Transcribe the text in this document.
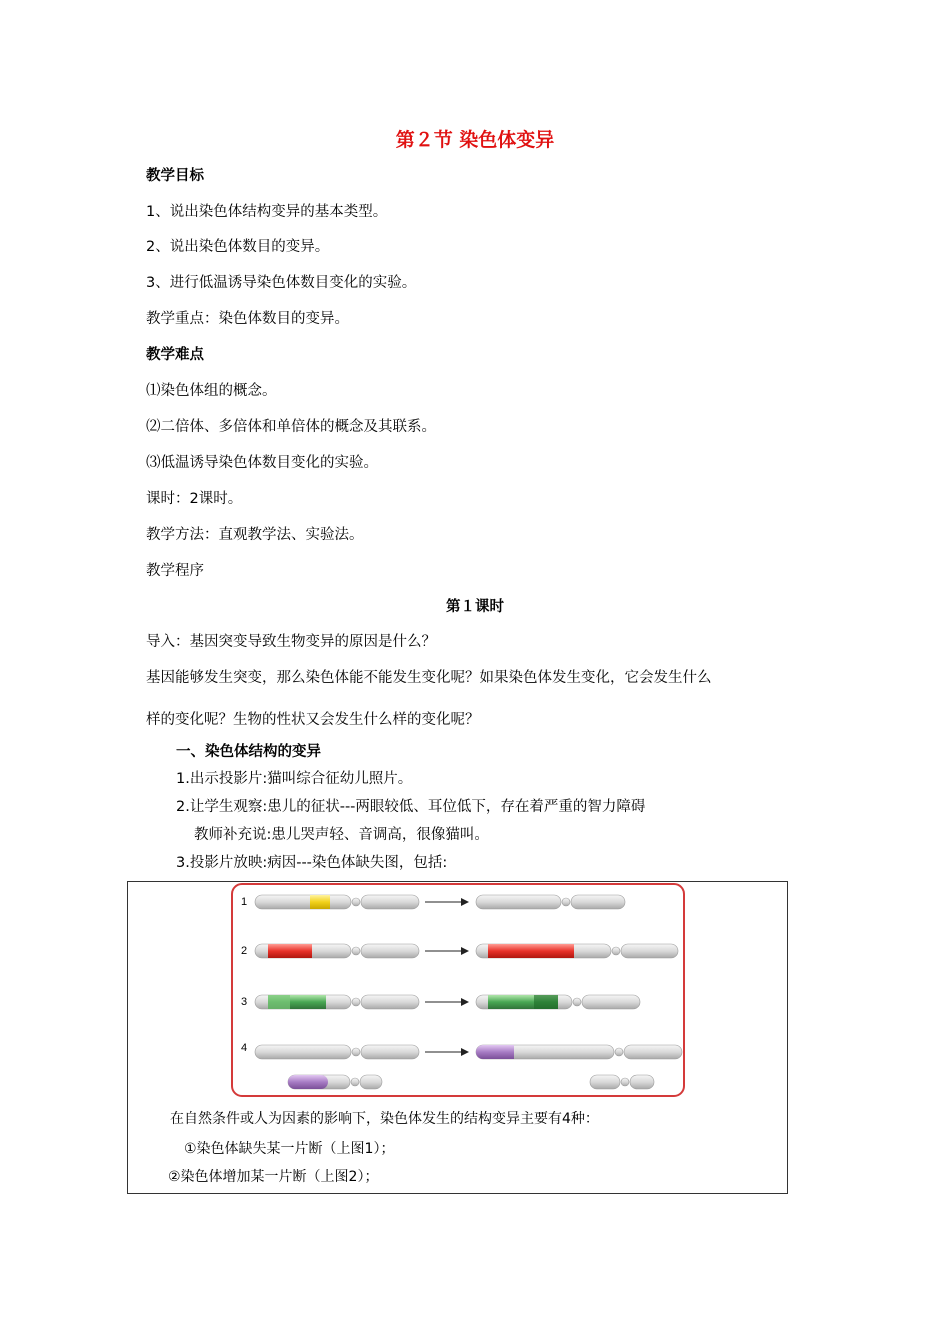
第２节 染色体变异
教学目标
1、说出染色体结构变异的基本类型。
2、说出染色体数目的变异。
3、进行低温诱导染色体数目变化的实验。
教学重点：染色体数目的变异。
教学难点
⑴染色体组的概念。
⑵二倍体、多倍体和单倍体的概念及其联系。
⑶低温诱导染色体数目变化的实验。
课时：2课时。
教学方法：直观教学法、实验法。
教学程序
第１课时
导入：基因突变导致生物变异的原因是什么？
基因能够发生突变，那么染色体能不能发生变化呢？如果染色体发生变化，它会发生什么
样的变化呢？生物的性状又会发生什么样的变化呢？
一、染色体结构的变异
1.出示投影片:猫叫综合征幼儿照片。
2.让学生观察:患儿的征状---两眼较低、耳位低下，存在着严重的智力障碍
教师补充说:患儿哭声轻、音调高，很像猫叫。
3.投影片放映:病因---染色体缺失图，包括:
1
2
3
4
在自然条件或人为因素的影响下，染色体发生的结构变异主要有4种：
①染色体缺失某一片断（上图1）；
②染色体增加某一片断（上图2）；
